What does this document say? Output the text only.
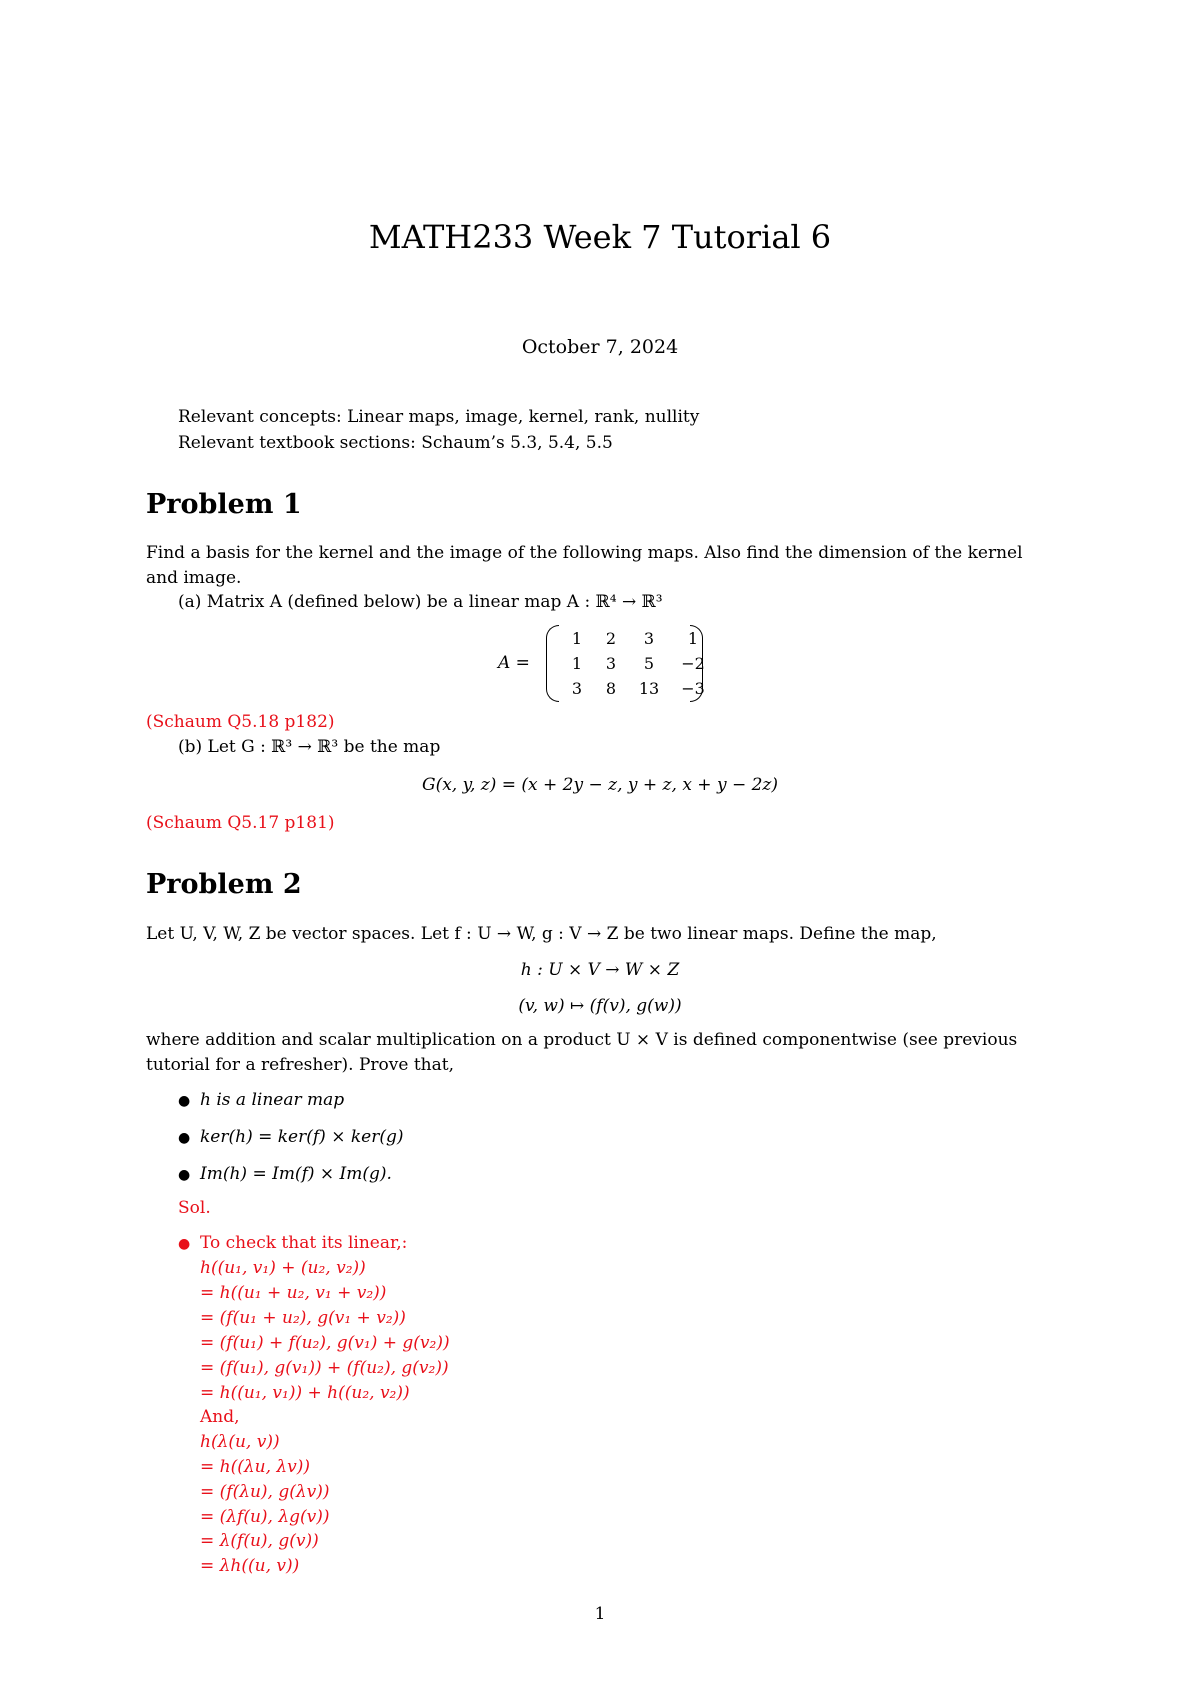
MATH233 Week 7 Tutorial 6
October 7, 2024
Relevant concepts: Linear maps, image, kernel, rank, nullity
Relevant textbook sections: Schaum’s 5.3, 5.4, 5.5
Problem 1
Find a basis for the kernel and the image of the following maps. Also find the dimension of the kernel
and image.
(a) Matrix A (defined below) be a linear map A : ℝ⁴ → ℝ³
A =
1	2	3	1
1	3	5	−2
3	8	13	−3
(Schaum Q5.18 p182)
(b) Let G : ℝ³ → ℝ³ be the map
G(x, y, z) = (x + 2y − z, y + z, x + y − 2z)
(Schaum Q5.17 p181)
Problem 2
Let U, V, W, Z be vector spaces. Let f : U → W, g : V → Z be two linear maps. Define the map,
h : U × V → W × Z
(v, w) ↦ (f(v), g(w))
where addition and scalar multiplication on a product U × V is defined componentwise (see previous
tutorial for a refresher). Prove that,
● h is a linear map
● ker(h) = ker(f) × ker(g)
● Im(h) = Im(f) × Im(g).
Sol.
● To check that its linear,:
h((u₁, v₁) + (u₂, v₂))
= h((u₁ + u₂, v₁ + v₂))
= (f(u₁ + u₂), g(v₁ + v₂))
= (f(u₁) + f(u₂), g(v₁) + g(v₂))
= (f(u₁), g(v₁)) + (f(u₂), g(v₂))
= h((u₁, v₁)) + h((u₂, v₂))
And,
h(λ(u, v))
= h((λu, λv))
= (f(λu), g(λv))
= (λf(u), λg(v))
= λ(f(u), g(v))
= λh((u, v))
1
